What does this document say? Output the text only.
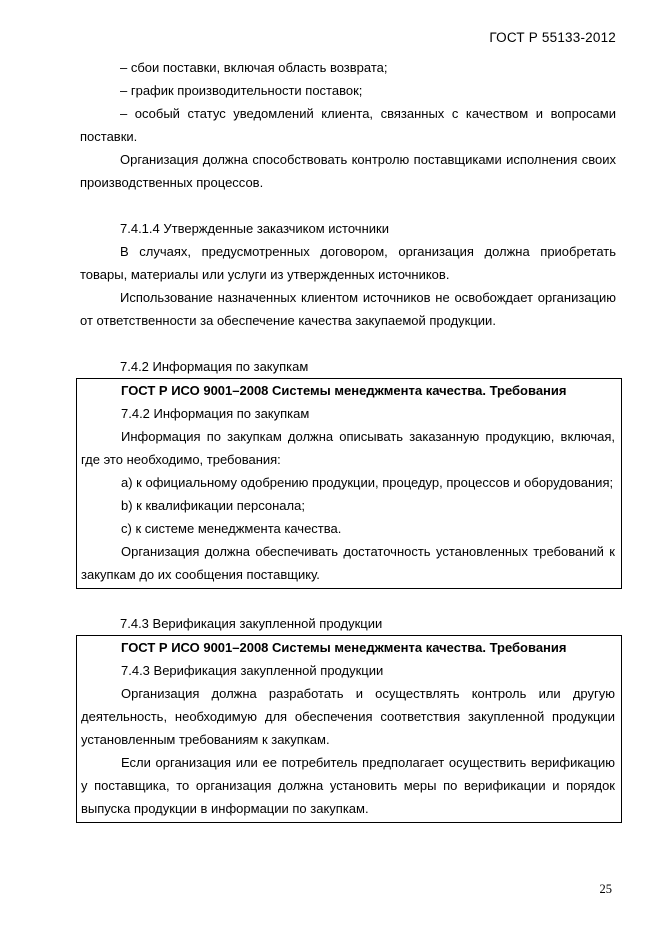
ГОСТ Р 55133-2012

– сбои поставки, включая область возврата;

– график производительности поставок;

– особый статус уведомлений клиента, связанных с качеством и вопросами поставки.

Организация должна способствовать контролю поставщиками исполнения своих производственных процессов.

7.4.1.4 Утвержденные заказчиком источники

В случаях, предусмотренных договором, организация должна приобретать товары, материалы или услуги из утвержденных источников.

Использование назначенных клиентом источников не освобождает организацию от ответственности за обеспечение качества закупаемой продукции.

7.4.2 Информация по закупкам

ГОСТ Р ИСО 9001–2008 Системы менеджмента качества. Требования

7.4.2 Информация по закупкам

Информация по закупкам должна описывать заказанную продукцию, включая, где это необходимо, требования:

a) к официальному одобрению продукции, процедур, процессов и оборудования;

b) к квалификации персонала;

c) к системе менеджмента качества.

Организация должна обеспечивать достаточность установленных требований к закупкам до их сообщения поставщику.

7.4.3 Верификация закупленной продукции

ГОСТ Р ИСО 9001–2008 Системы менеджмента качества. Требования

7.4.3 Верификация закупленной продукции

Организация должна разработать и осуществлять контроль или другую деятельность, необходимую для обеспечения соответствия закупленной продукции установленным требованиям к закупкам.

Если организация или ее потребитель предполагает осуществить верификацию у поставщика, то организация должна установить меры по верификации и порядок выпуска продукции в информации по закупкам.

25
